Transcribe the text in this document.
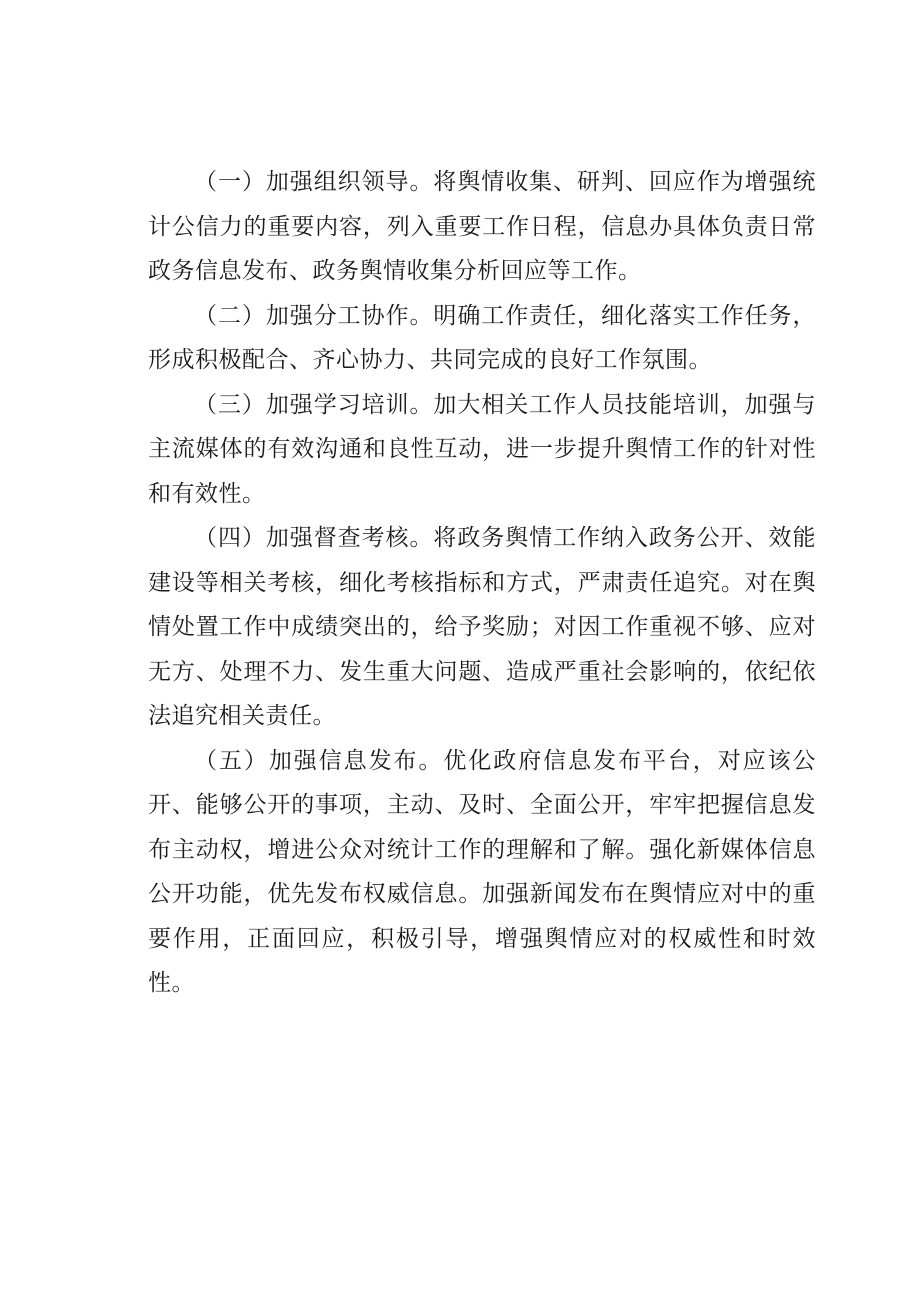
（一）加强组织领导。将舆情收集、研判、回应作为增强统计公信力的重要内容，列入重要工作日程，信息办具体负责日常政务信息发布、政务舆情收集分析回应等工作。

（二）加强分工协作。明确工作责任，细化落实工作任务，形成积极配合、齐心协力、共同完成的良好工作氛围。

（三）加强学习培训。加大相关工作人员技能培训，加强与主流媒体的有效沟通和良性互动，进一步提升舆情工作的针对性和有效性。

（四）加强督查考核。将政务舆情工作纳入政务公开、效能建设等相关考核，细化考核指标和方式，严肃责任追究。对在舆情处置工作中成绩突出的，给予奖励；对因工作重视不够、应对无方、处理不力、发生重大问题、造成严重社会影响的，依纪依法追究相关责任。

（五）加强信息发布。优化政府信息发布平台，对应该公开、能够公开的事项，主动、及时、全面公开，牢牢把握信息发布主动权，增进公众对统计工作的理解和了解。强化新媒体信息公开功能，优先发布权威信息。加强新闻发布在舆情应对中的重要作用，正面回应，积极引导，增强舆情应对的权威性和时效性。
